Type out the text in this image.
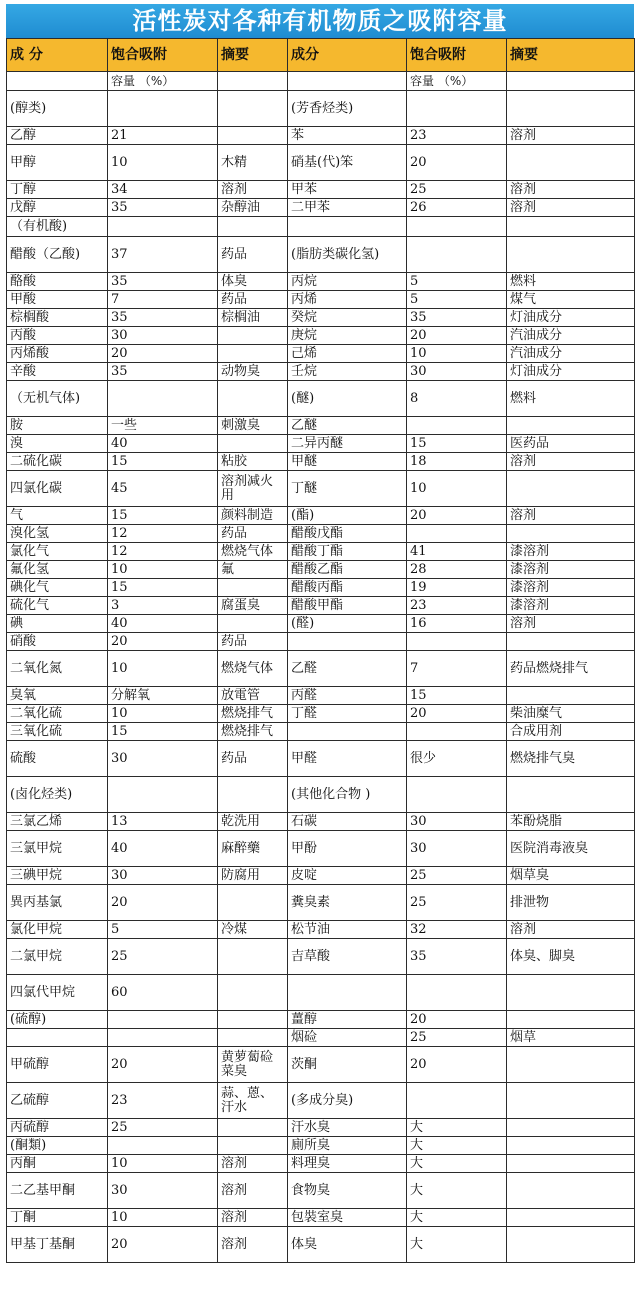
活性炭对各种有机物质之吸附容量
成 分	饱合吸附	摘要	成分	饱合吸附	摘要
	容量 （%）			容量 （%）	
(醇类)			(芳香烃类)		
乙醇	21		苯	23	溶剂
甲醇	10	木精	硝基(代)笨	20	
丁醇	34	溶剂	甲苯	25	溶剂
戊醇	35	杂醇油	二甲苯	26	溶剂
（有机酸)					
醋酸（乙酸)	37	药品	(脂肪类碳化氢)		
酪酸	35	体臭	丙烷	5	燃料
甲酸	7	药品	丙烯	5	煤气
棕榈酸	35	棕榈油	癸烷	35	灯油成分
丙酸	30		庚烷	20	汽油成分
丙烯酸	20		己烯	10	汽油成分
辛酸	35	动物臭	壬烷	30	灯油成分
（无机气体)			(醚)	8	燃料
胺	一些	刺激臭	乙醚		
溴	40		二异丙醚	15	医药品
二硫化碳	15	粘胶	甲醚	18	溶剂
四氯化碳	45	溶剂减火用	丁醚	10	
气	15	颜料制造	(酯)	20	溶剂
溴化氢	12	药品	醋酸戊酯		
氯化气	12	燃烧气体	醋酸丁酯	41	漆溶剂
氟化氢	10	氟	醋酸乙酯	28	漆溶剂
碘化气	15		醋酸丙酯	19	漆溶剂
硫化气	3	腐蛋臭	醋酸甲酯	23	漆溶剂
碘	40		(醛)	16	溶剂
硝酸	20	药品			
二氧化氮	10	燃烧气体	乙醛	7	药品燃烧排气
臭氧	分解氧	放電管	丙醛	15	
二氧化硫	10	燃烧排气	丁醛	20	柴油糜气
三氧化硫	15	燃烧排气			合成用剂
硫酸	30	药品	甲醛	很少	燃烧排气臭
(卤化烃类)			(其他化合物 )		
三氯乙烯	13	乾洗用	石碳	30	苯酚烧脂
三氯甲烷	40	麻醉藥	甲酚	30	医院消毒液臭
三碘甲烷	30	防腐用	皮啶	25	烟草臭
異丙基氯	20		糞臭素	25	排泄物
氯化甲烷	5	冷煤	松节油	32	溶剂
二氯甲烷	25		吉草酸	35	体臭、脚臭
四氯代甲烷	60				
(硫醇)			薑醇	20	
			烟硷	25	烟草
甲硫醇	20	黄萝蔔硷菜臭	茨酮	20	
乙硫醇	23	蒜、蒽、汗水	(多成分臭)		
丙硫醇	25		汗水臭	大	
(酮類)			廁所臭	大	
丙酮	10	溶剂	料理臭	大	
二乙基甲酮	30	溶剂	食物臭	大	
丁酮	10	溶剂	包裝室臭	大	
甲基丁基酮	20	溶剂	体臭	大	
